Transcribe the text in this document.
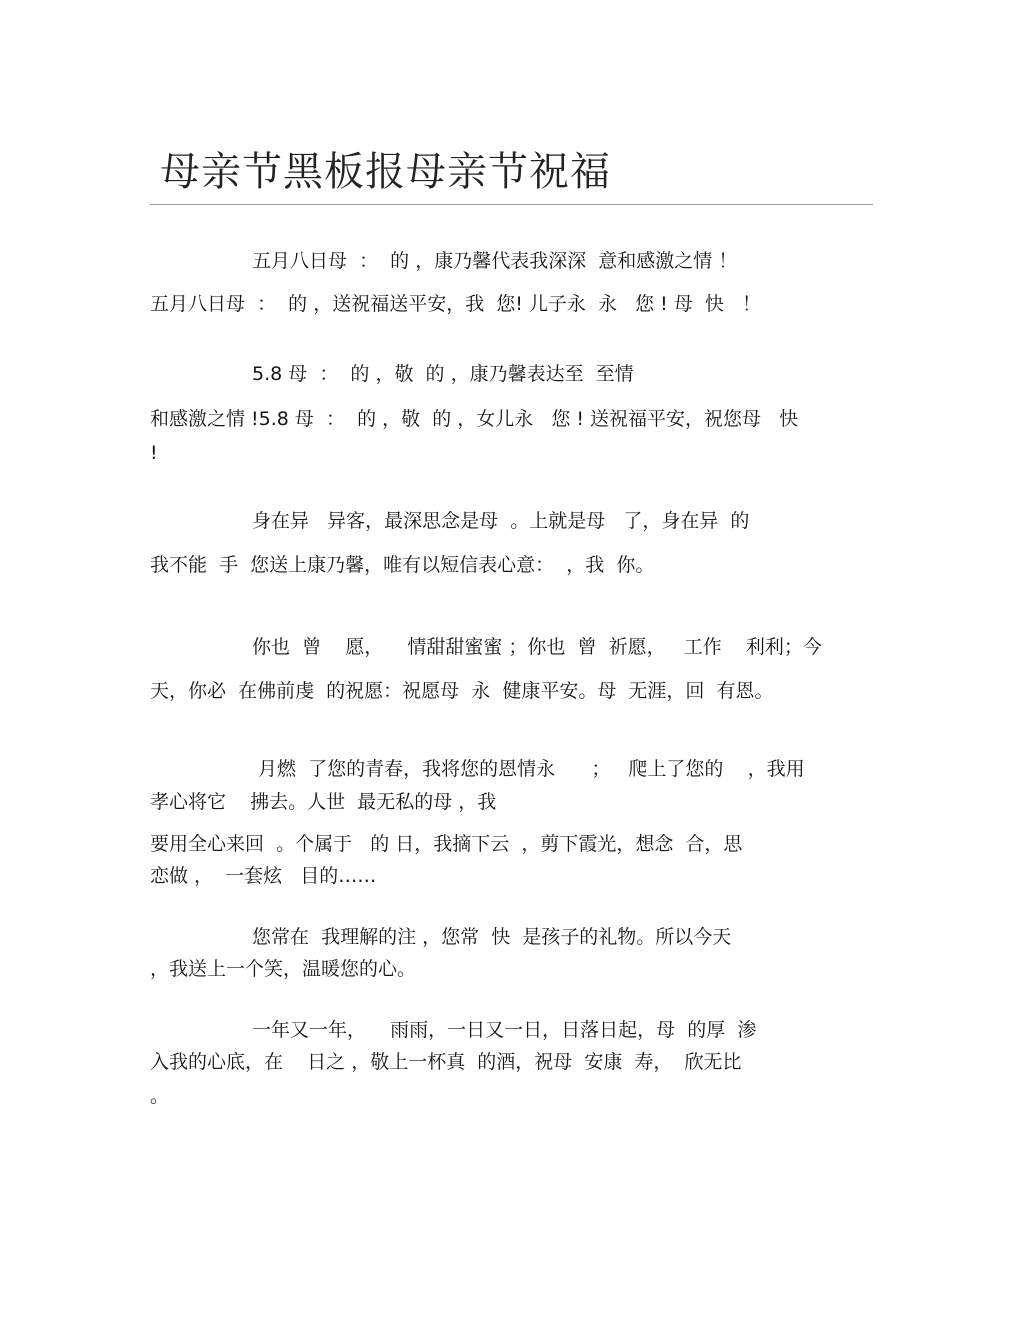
母亲节黑板报母亲节祝福
五月八日母  ：  的 ，康乃馨代表我深深  意和感激之情 ！
五月八日母  ：  的 ，送祝福送平安，我  您! 儿子永  永   您 ! 母  快   ！
5.8 母  ：  的 ，敬  的 ，康乃馨表达至  至情
和感激之情 !5.8 母  ：  的 ，敬  的 ，女儿永   您 ! 送祝福平安，祝您母   快
!
身在异   异客，最深思念是母  。上就是母   了，身在异  的
我不能  手  您送上康乃馨，唯有以短信表心意：  ，我  你。
你也  曾    愿，    情甜甜蜜蜜 ；你也  曾  祈愿，   工作    利利；今
天，你必  在佛前虔  的祝愿：祝愿母  永  健康平安。母  无涯，回  有恩。
月燃  了您的青春，我将您的恩情永      ；   爬上了您的    ，我用
孝心将它    拂去。人世  最无私的母 ，我
要用全心来回  。个属于   的 日，我摘下云  ，剪下霞光，想念  合，思
恋做 ，  一套炫   目的……
您常在  我理解的注 ，您常  快  是孩子的礼物。所以今天
，我送上一个笑，温暖您的心。
一年又一年，    雨雨，一日又一日，日落日起，母  的厚  渗
入我的心底，在    日之 ，敬上一杯真  的酒，祝母  安康  寿，  欣无比
。
